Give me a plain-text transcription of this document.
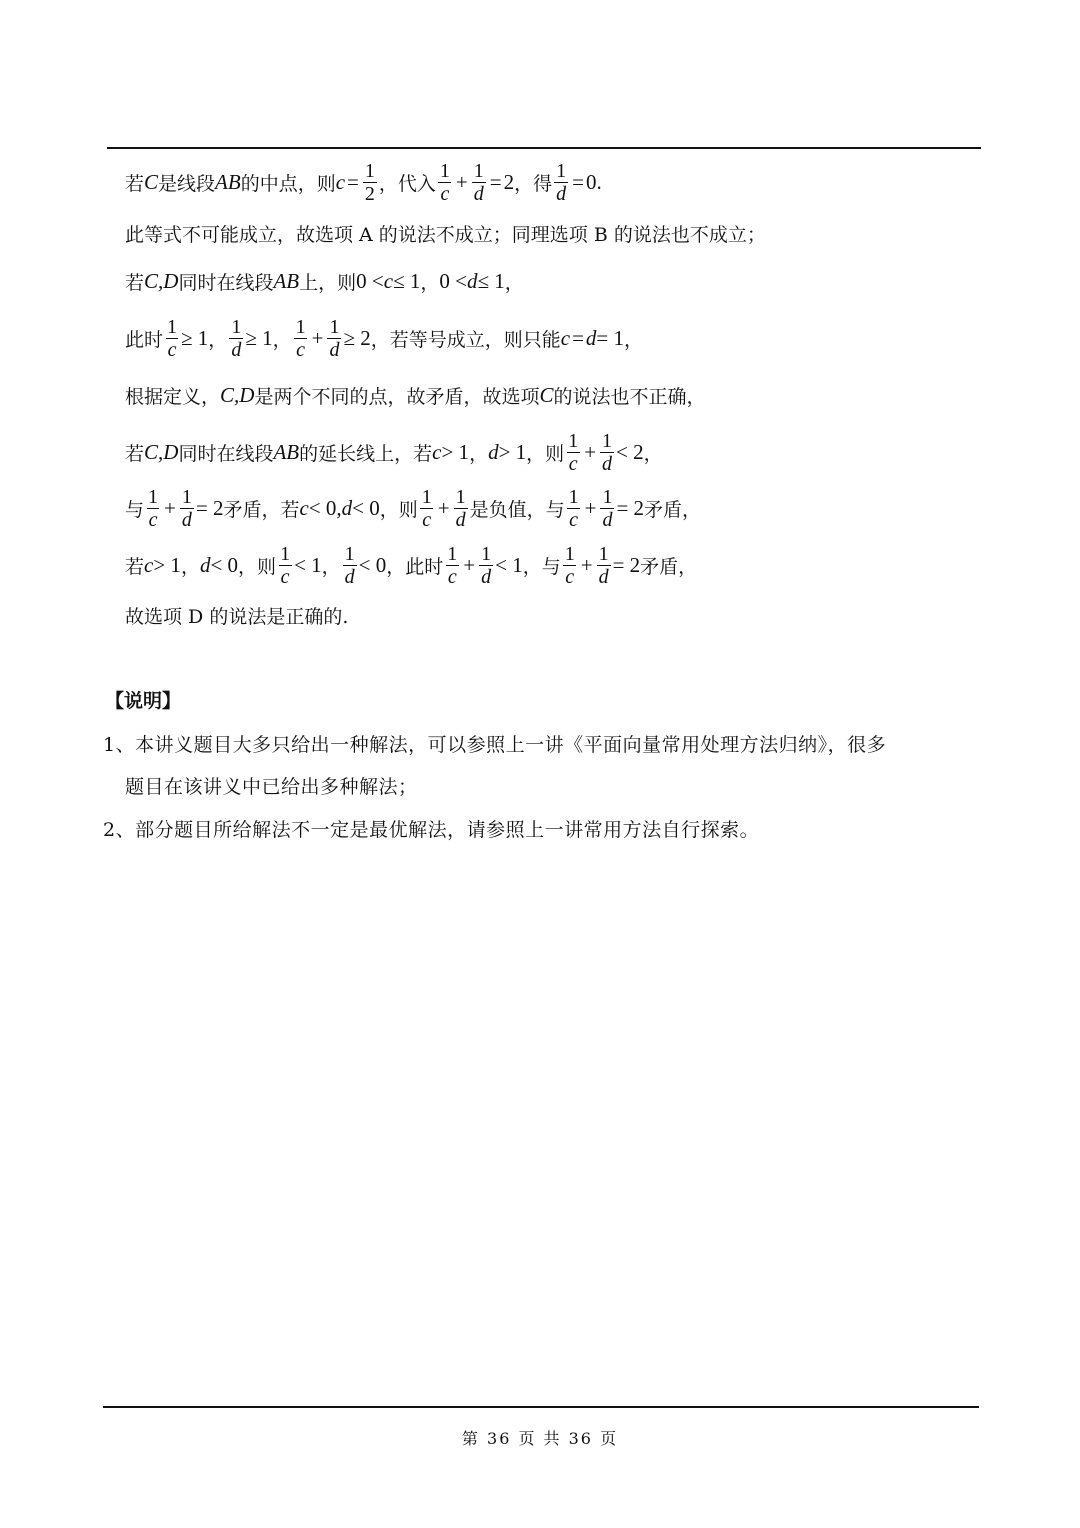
若 C 是线段 AB 的中点，则 $c = \frac{1}{2}$ ，代入 $\frac{1}{c} + \frac{1}{d} = 2$ ，得 $\frac{1}{d} = 0$ .
此等式不可能成立，故选项 A 的说法不成立；同理选项 B 的说法也不成立；
若 C,D 同时在线段 AB 上，则 0 < c ≤ 1 ， 0 < d ≤ 1 ，
此时 $\frac{1}{c} \ge 1$ ， $\frac{1}{d} \ge 1$ ， $\frac{1}{c} + \frac{1}{d} \ge 2$ ，若等号成立，则只能 c = d = 1 ，
根据定义， C,D 是两个不同的点，故矛盾，故选项 C 的说法也不正确，
若 C,D 同时在线段 AB 的延长线上，若 c > 1 ， d > 1 ，则 $\frac{1}{c} + \frac{1}{d} < 2$ ，
与 $\frac{1}{c} + \frac{1}{d} = 2$ 矛盾，若 c < 0, d < 0 ，则 $\frac{1}{c} + \frac{1}{d}$ 是负值，与 $\frac{1}{c} + \frac{1}{d} = 2$ 矛盾，
若 c > 1 ， d < 0 ，则 $\frac{1}{c} < 1$ ， $\frac{1}{d} < 0$ ，此时 $\frac{1}{c} + \frac{1}{d} < 1$ ，与 $\frac{1}{c} + \frac{1}{d} = 2$ 矛盾，
故选项 D 的说法是正确的.
【说明】
1、本讲义题目大多只给出一种解法，可以参照上一讲《平面向量常用处理方法归纳》，很多
题目在该讲义中已给出多种解法；
2、部分题目所给解法不一定是最优解法，请参照上一讲常用方法自行探索。
第 36 页 共 36 页
